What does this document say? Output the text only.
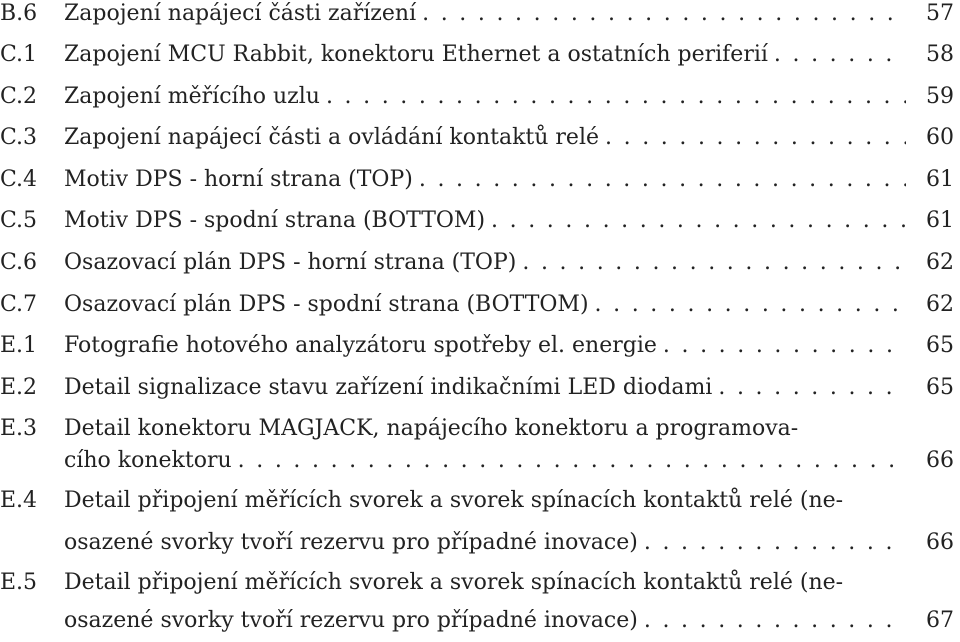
B.6	Zapojení napájecí části zařízení . . .	57
C.1	Zapojení MCU Rabbit, konektoru Ethernet a ostatních periferií . . .	58
C.2	Zapojení měřícího uzlu . . .	59
C.3	Zapojení napájecí části a ovládání kontaktů relé . . .	60
C.4	Motiv DPS - horní strana (TOP) . . .	61
C.5	Motiv DPS - spodní strana (BOTTOM) . . .	61
C.6	Osazovací plán DPS - horní strana (TOP) . . .	62
C.7	Osazovací plán DPS - spodní strana (BOTTOM) . . .	62
E.1	Fotografie hotového analyzátoru spotřeby el. energie . . .	65
E.2	Detail signalizace stavu zařízení indikačními LED diodami . . .	65
E.3	Detail konektoru MAGJACK, napájecího konektoru a programova-
cího konektoru . . .	66
E.4	Detail připojení měřících svorek a svorek spínacích kontaktů relé (ne-
osazené svorky tvoří rezervu pro případné inovace) . . .	66
E.5	Detail připojení měřících svorek a svorek spínacích kontaktů relé (ne-
osazené svorky tvoří rezervu pro případné inovace) . . .	67
